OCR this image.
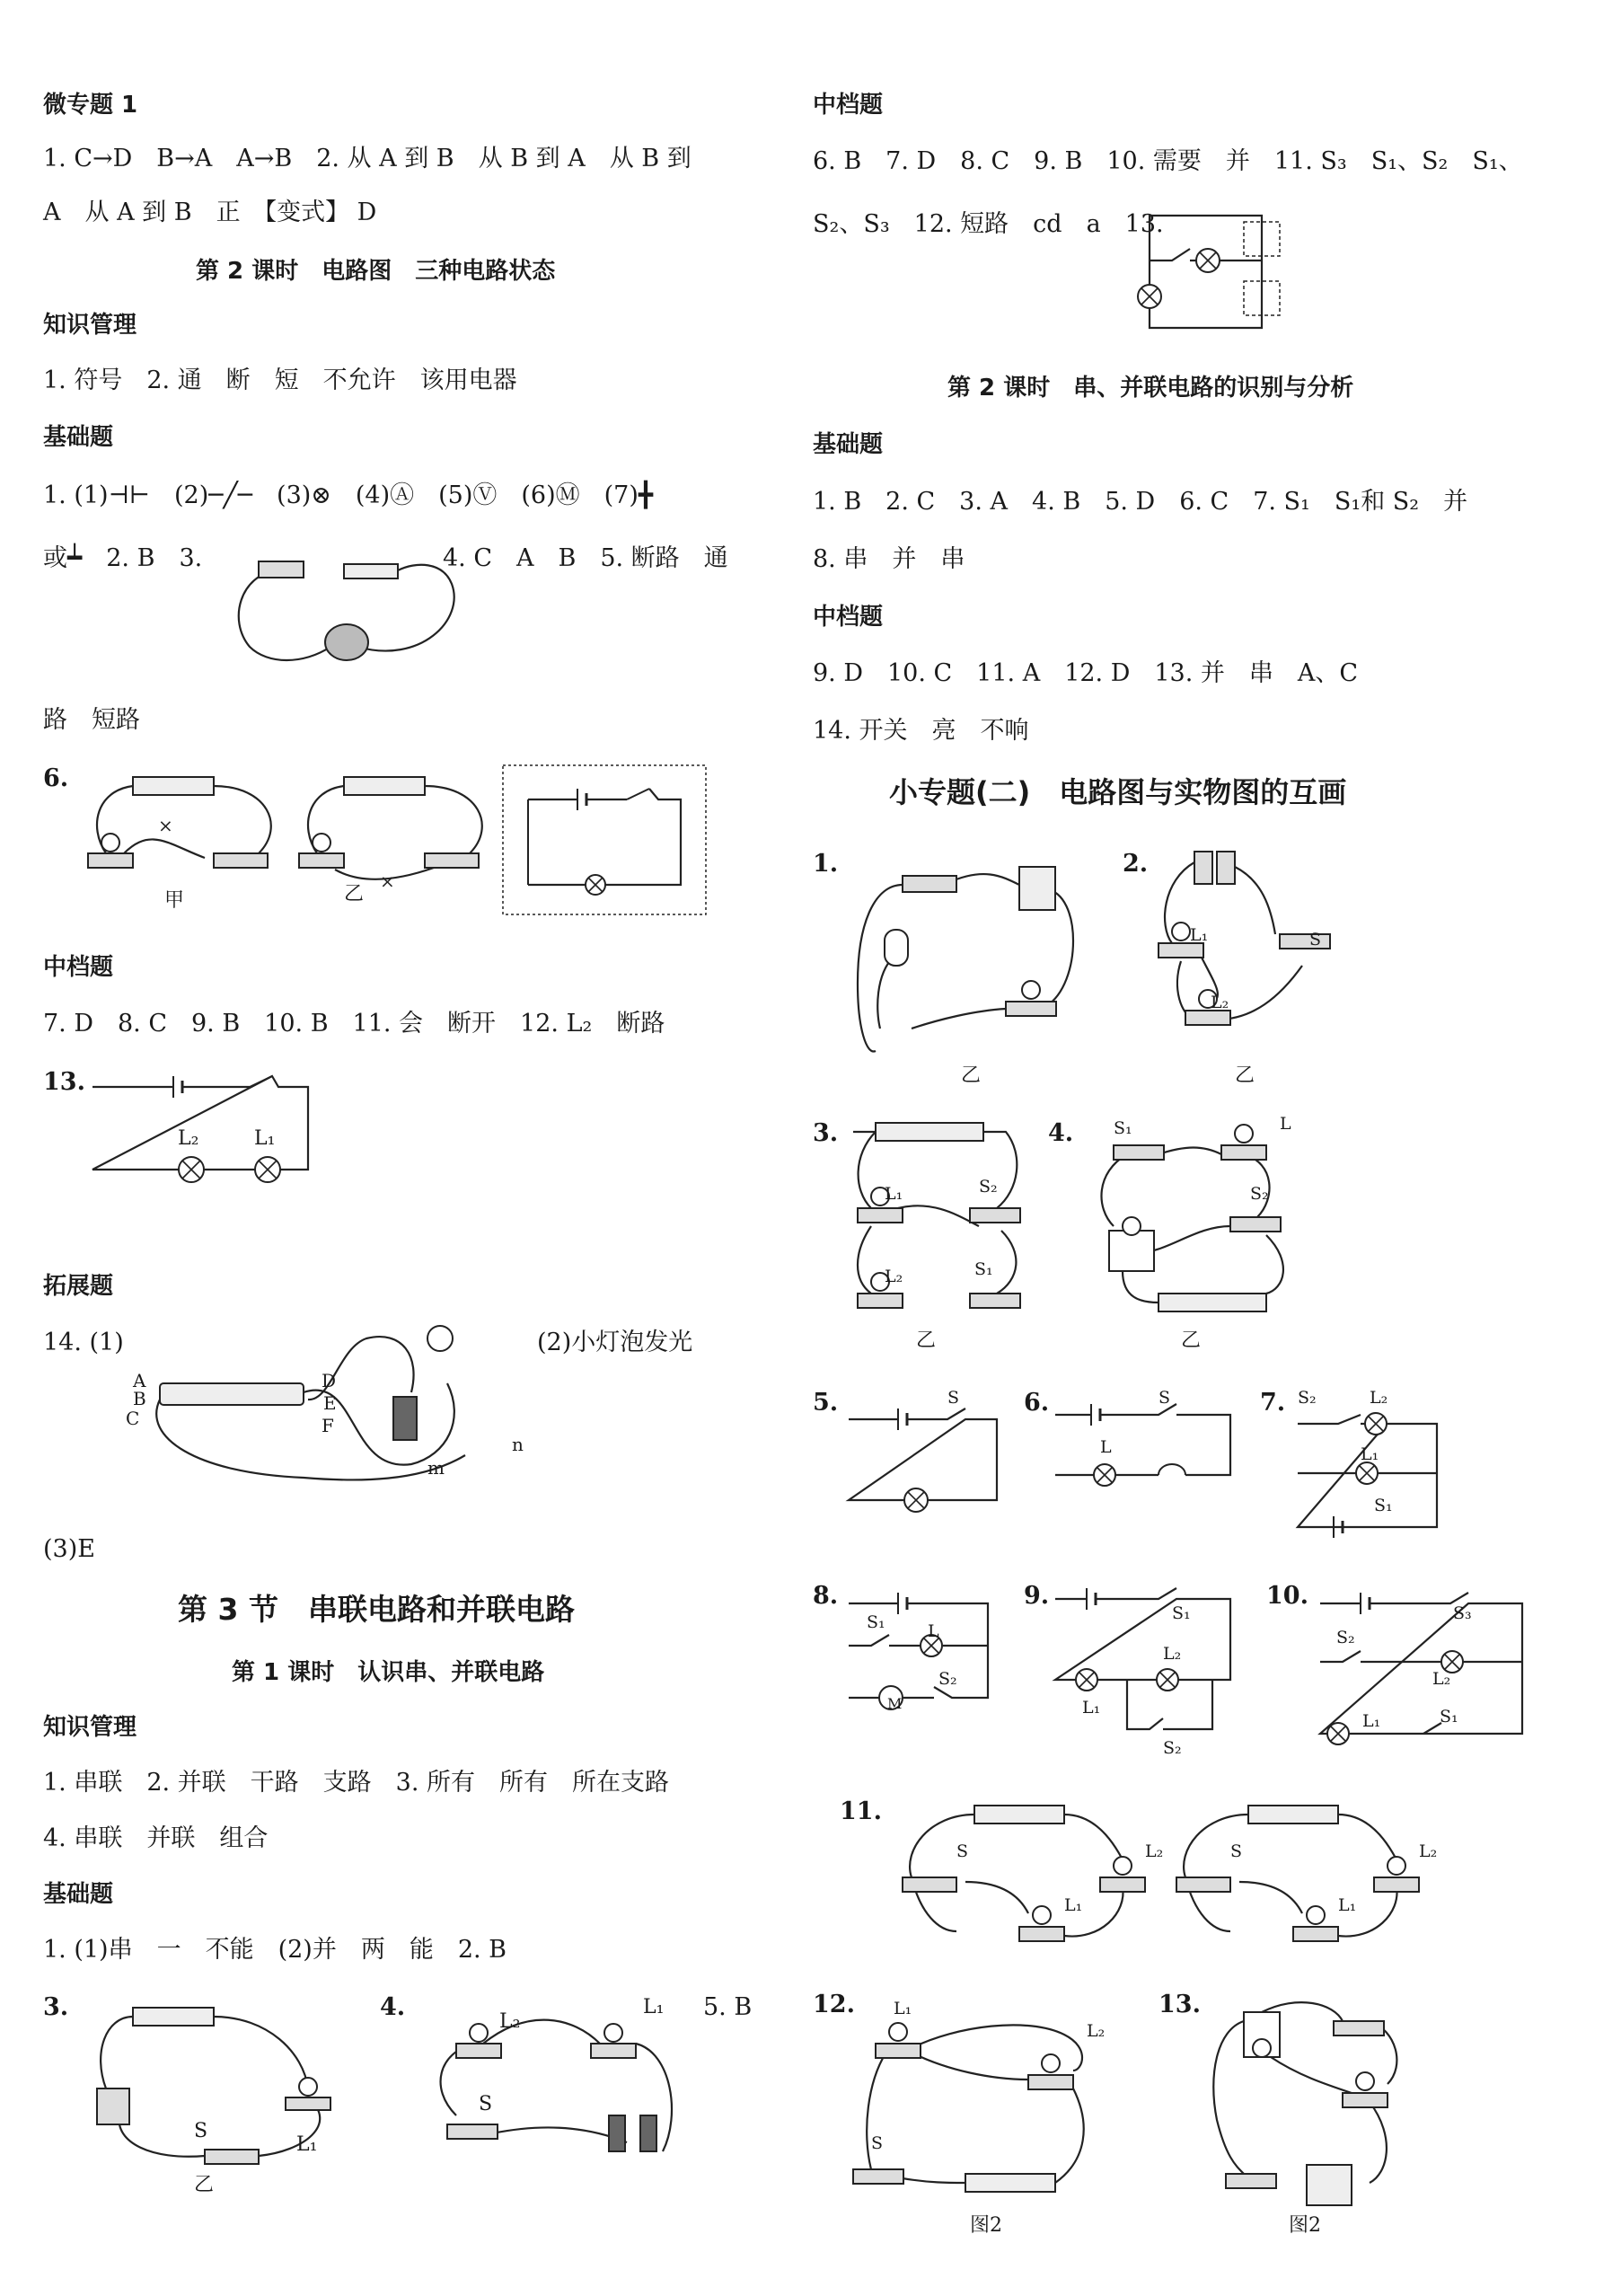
微专题 1
1. C→D　B→A　A→B　2. 从 A 到 B　从 B 到 A　从 B 到
A　从 A 到 B　正　【变式】 D
第 2 课时　电路图　三种电路状态
知识管理
1. 符号　2. 通　断　短　不允许　该用电器
基础题
1. (1)⊣⊢　(2)─╱─　(3)⊗　(4)Ⓐ　(5)Ⓥ　(6)Ⓜ　(7)╋
或┷　2. B　3.	4. C　A　B　5. 断路　通
路　短路
6.
×
甲
×
乙
中档题
7. D　8. C　9. B　10. B　11. 会　断开　12. L₂　断路
13.
L₂	L₁
拓展题
14. (1)	(2)小灯泡发光
A
B
C
D
E
F
m
n
(3)E
第 3 节　串联电路和并联电路
第 1 课时　认识串、并联电路
知识管理
1. 串联　2. 并联　干路　支路　3. 所有　所有　所在支路
4. 串联　并联　组合
基础题
1. (1)串　一　不能　(2)并　两　能　2. B
3.
S
L₁
乙
4.
L₂
L₁
S
5. B
中档题
6. B　7. D　8. C　9. B　10. 需要　并　11. S₃　S₁、S₂　S₁、
S₂、S₃　12. 短路　cd　a　13.
第 2 课时　串、并联电路的识别与分析
基础题
1. B　2. C　3. A　4. B　5. D　6. C　7. S₁　S₁和 S₂　并
8. 串　并　串
中档题
9. D　10. C　11. A　12. D　13. 并　串　A、C
14. 开关　亮　不响
小专题(二)　电路图与实物图的互画
1.
乙
2.
L₁
L₂
S
乙
3.
L₁	S₂
L₂	S₁
乙
4. S₁	L
S₂
乙
5.	S	6.	S
L
7. S₂	L₂
L₁
S₁
8.
M
S₁ L
S₂
9.
S₁
L₂
L₁
S₂
10.
S₃
S₂
L₂
L₁	S₁
11.
S	L₂
L₁
S	L₂
L₁
12. L₁
L₂
S
图2
13.
图2
